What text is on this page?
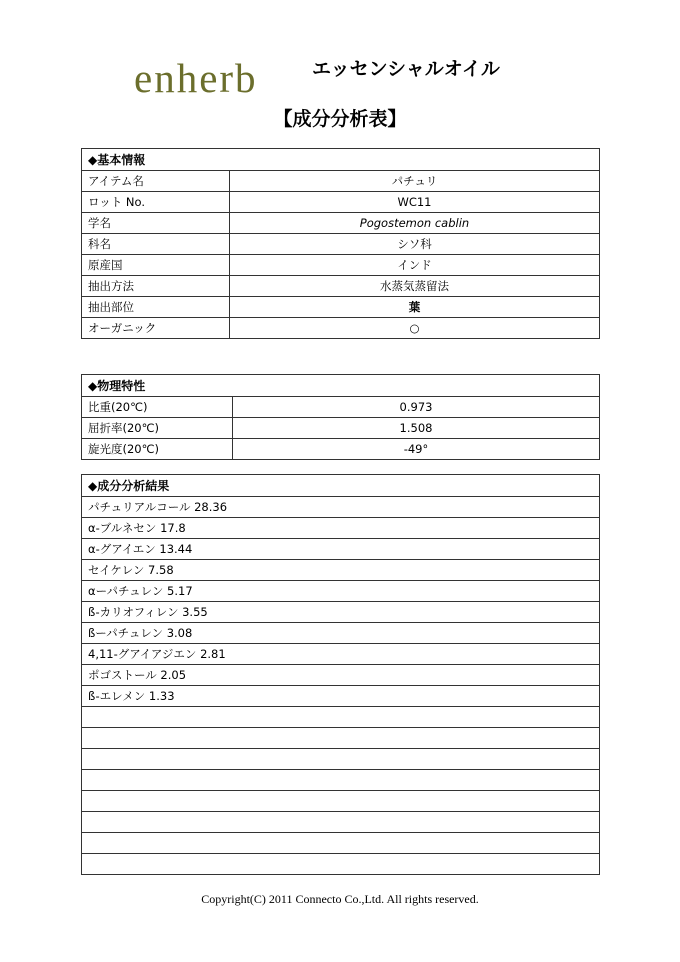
enherb	エッセンシャルオイル
【成分分析表】
◆基本情報	
アイテム名	パチュリ
ロット No.	WC11
学名	Pogostemon cablin
科名	シソ科
原産国	インド
抽出方法	水蒸気蒸留法
抽出部位	葉
オーガニック	○
◆物理特性	
比重(20℃)	0.973
屈折率(20℃)	1.508
旋光度(20℃)	-49°
◆成分分析結果
パチュリアルコール 28.36
α-ブルネセン 17.8
α-グアイエン 13.44
セイケレン 7.58
αーパチュレン 5.17
ß-カリオフィレン 3.55
ßーパチュレン 3.08
4,11-グアイアジエン 2.81
ポゴストール 2.05
ß-エレメン 1.33

Copyright(C) 2011 Connecto Co.,Ltd. All rights reserved.
